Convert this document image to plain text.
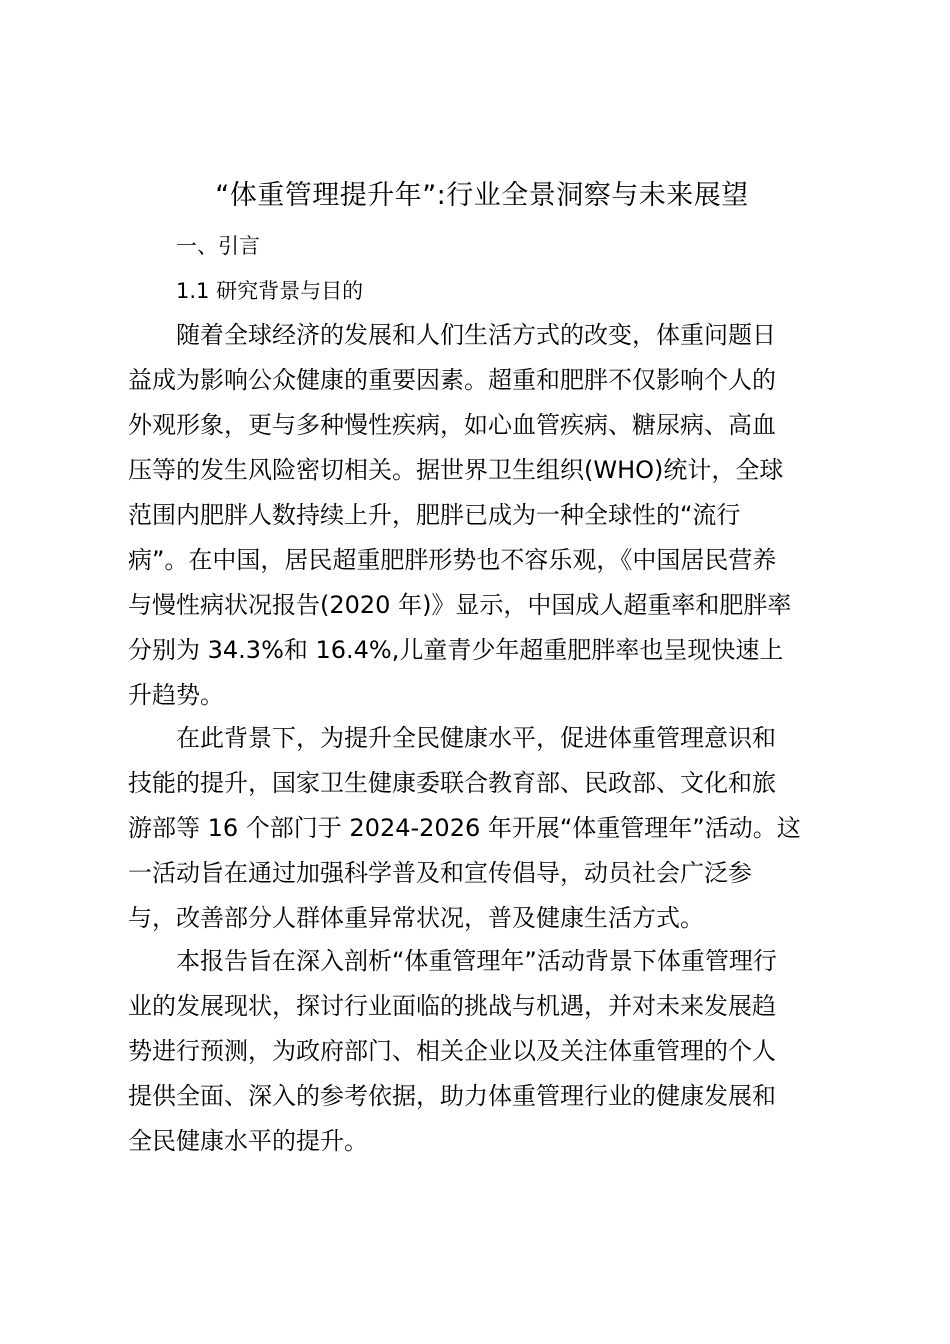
“体重管理提升年”:行业全景洞察与未来展望
一、引言
1.1 研究背景与目的
随着全球经济的发展和人们生活方式的改变，体重问题日
益成为影响公众健康的重要因素。超重和肥胖不仅影响个人的
外观形象，更与多种慢性疾病，如心血管疾病、糖尿病、高血
压等的发生风险密切相关。据世界卫生组织(WHO)统计，全球
范围内肥胖人数持续上升，肥胖已成为一种全球性的“流行
病”。在中国，居民超重肥胖形势也不容乐观，《中国居民营养
与慢性病状况报告(2020 年)》显示，中国成人超重率和肥胖率
分别为 34.3%和 16.4%,儿童青少年超重肥胖率也呈现快速上
升趋势。
在此背景下，为提升全民健康水平，促进体重管理意识和
技能的提升，国家卫生健康委联合教育部、民政部、文化和旅
游部等 16 个部门于 2024-2026 年开展“体重管理年”活动。这
一活动旨在通过加强科学普及和宣传倡导，动员社会广泛参
与，改善部分人群体重异常状况，普及健康生活方式。
本报告旨在深入剖析“体重管理年”活动背景下体重管理行
业的发展现状，探讨行业面临的挑战与机遇，并对未来发展趋
势进行预测，为政府部门、相关企业以及关注体重管理的个人
提供全面、深入的参考依据，助力体重管理行业的健康发展和
全民健康水平的提升。
